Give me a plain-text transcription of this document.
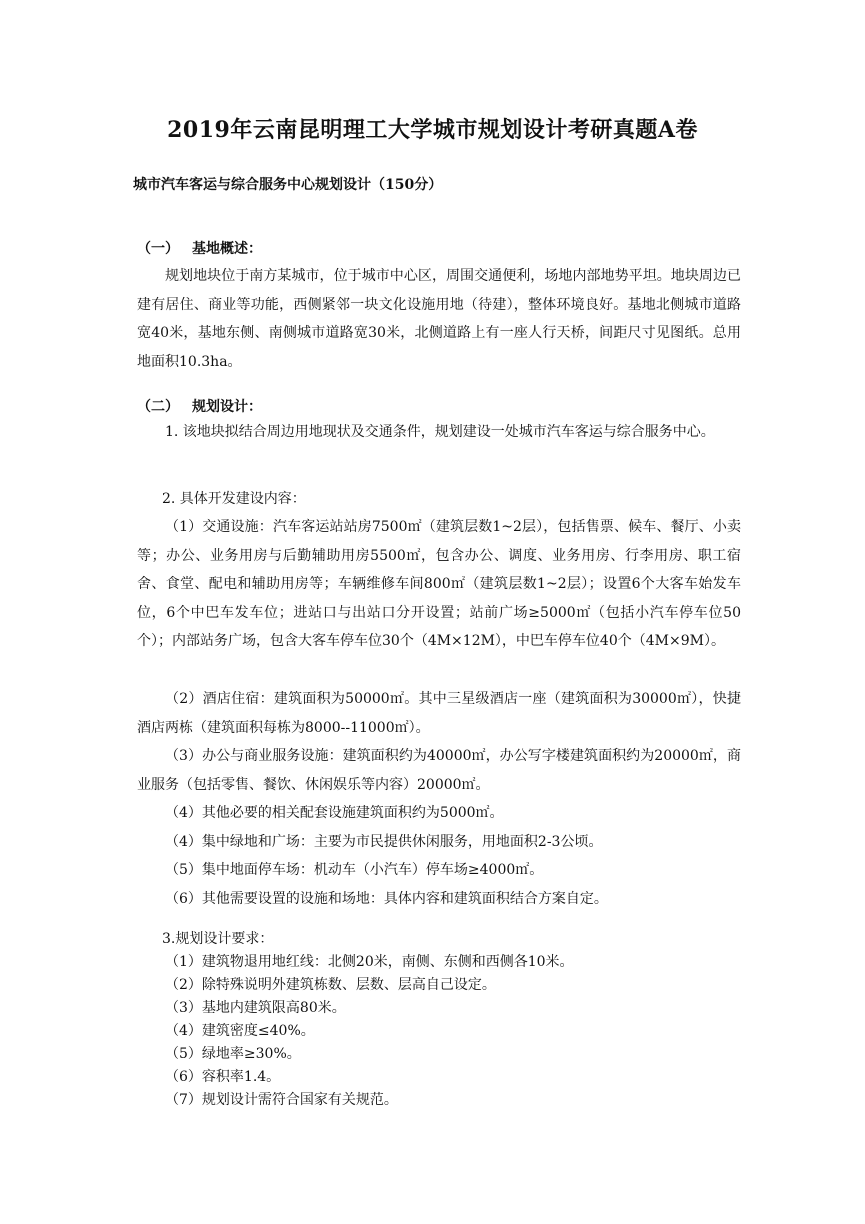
2019年云南昆明理工大学城市规划设计考研真题A卷
城市汽车客运与综合服务中心规划设计（150分）
（一） 基地概述：
规划地块位于南方某城市，位于城市中心区，周围交通便利，场地内部地势平坦。地块周边已建有居住、商业等功能，西侧紧邻一块文化设施用地（待建），整体环境良好。基地北侧城市道路宽40米，基地东侧、南侧城市道路宽30米，北侧道路上有一座人行天桥，间距尺寸见图纸。总用地面积10.3ha。
（二） 规划设计：
1. 该地块拟结合周边用地现状及交通条件，规划建设一处城市汽车客运与综合服务中心。
2. 具体开发建设内容：
（1）交通设施：汽车客运站站房7500㎡（建筑层数1~2层），包括售票、候车、餐厅、小卖等；办公、业务用房与后勤辅助用房5500㎡，包含办公、调度、业务用房、行李用房、职工宿舍、食堂、配电和辅助用房等；车辆维修车间800㎡（建筑层数1~2层）；设置6个大客车始发车位，6个中巴车发车位；进站口与出站口分开设置；站前广场≥5000㎡（包括小汽车停车位50个）；内部站务广场，包含大客车停车位30个（4M×12M），中巴车停车位40个（4M×9M）。
（2）酒店住宿：建筑面积为50000㎡。其中三星级酒店一座（建筑面积为30000㎡），快捷酒店两栋（建筑面积每栋为8000--11000㎡）。
（3）办公与商业服务设施：建筑面积约为40000㎡，办公写字楼建筑面积约为20000㎡，商业服务（包括零售、餐饮、休闲娱乐等内容）20000㎡。
（4）其他必要的相关配套设施建筑面积约为5000㎡。
（4）集中绿地和广场：主要为市民提供休闲服务，用地面积2-3公顷。
（5）集中地面停车场：机动车（小汽车）停车场≥4000㎡。
（6）其他需要设置的设施和场地：具体内容和建筑面积结合方案自定。
3.规划设计要求：
（1）建筑物退用地红线：北侧20米，南侧、东侧和西侧各10米。
（2）除特殊说明外建筑栋数、层数、层高自己设定。
（3）基地内建筑限高80米。
（4）建筑密度≤40%。
（5）绿地率≥30%。
（6）容积率1.4。
（7）规划设计需符合国家有关规范。
